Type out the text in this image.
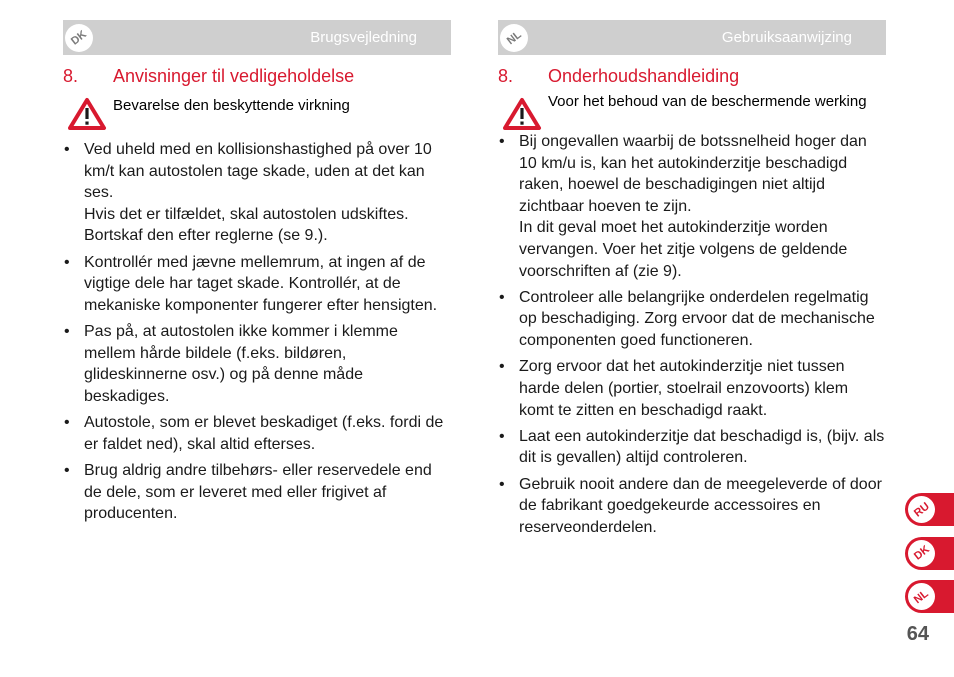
DK	Brugsvejledning
8.	Anvisninger til vedligeholdelse
Bevarelse den beskyttende virkning
• Ved uheld med en kollisionshastighed på over 10 km/t kan autostolen tage skade, uden at det kan ses.
Hvis det er tilfældet, skal autostolen udskiftes. Bortskaf den efter reglerne (se 9.).
• Kontrollér med jævne mellemrum, at ingen af de vigtige dele har taget skade. Kontrollér, at de mekaniske komponenter fungerer efter hensigten.
• Pas på, at autostolen ikke kommer i klemme mellem hårde bildele (f.eks. bildøren, glideskinnerne osv.) og på denne måde beskadiges.
• Autostole, som er blevet beskadiget (f.eks. fordi de er faldet ned), skal altid efterses.
• Brug aldrig andre tilbehørs- eller reservedele end de dele, som er leveret med eller frigivet af producenten.
NL	Gebruiksaanwijzing
8.	Onderhoudshandleiding
Voor het behoud van de beschermende werking
• Bij ongevallen waarbij de botssnelheid hoger dan 10 km/u is, kan het autokinderzitje beschadigd raken, hoewel de beschadigingen niet altijd zichtbaar hoeven te zijn.
In dit geval moet het autokinderzitje worden vervangen. Voer het zitje volgens de geldende voorschriften af (zie 9).
• Controleer alle belangrijke onderdelen regelmatig op beschadiging. Zorg ervoor dat de mechanische componenten goed functioneren.
• Zorg ervoor dat het autokinderzitje niet tussen harde delen (portier, stoelrail enzovoorts) klem komt te zitten en beschadigd raakt.
• Laat een autokinderzitje dat beschadigd is, (bijv. als dit is gevallen) altijd controleren.
• Gebruik nooit andere dan de meegeleverde of door de fabrikant goedgekeurde accessoires en reserveonderdelen.
RU
DK
NL
64
